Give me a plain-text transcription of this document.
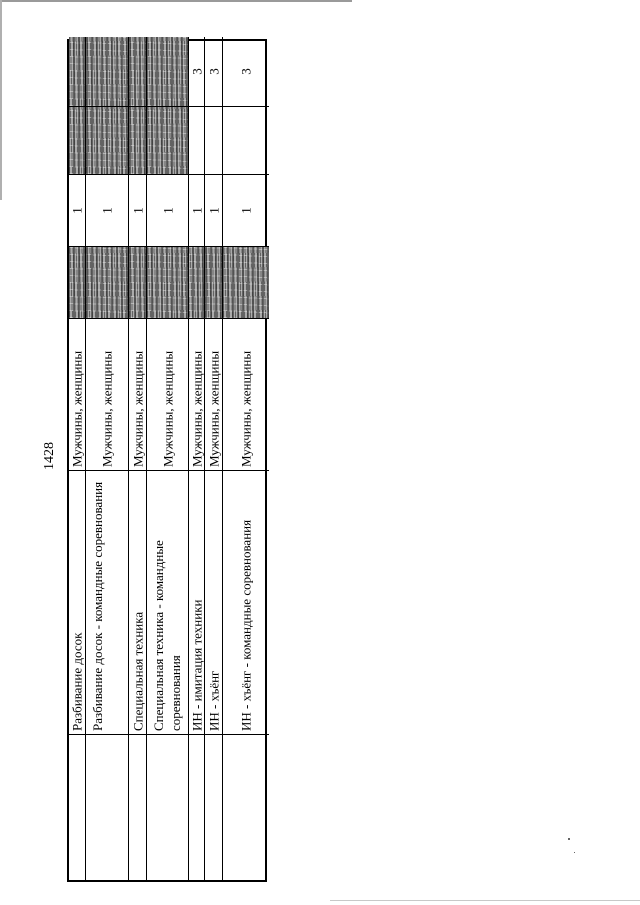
1428
Разбивание досок
Мужчины, женщины
1
Разбивание досок - командные соревнования
Мужчины, женщины
1
Специальная техника
Мужчины, женщины
1
Специальная техника - командные соревнования
Мужчины, женщины
1
ИН - имитация техники
Мужчины, женщины
1
3
ИН - хъёнг
Мужчины, женщины
1
3
ИН - хъёнг - командные соревнования
Мужчины, женщины
1
3
